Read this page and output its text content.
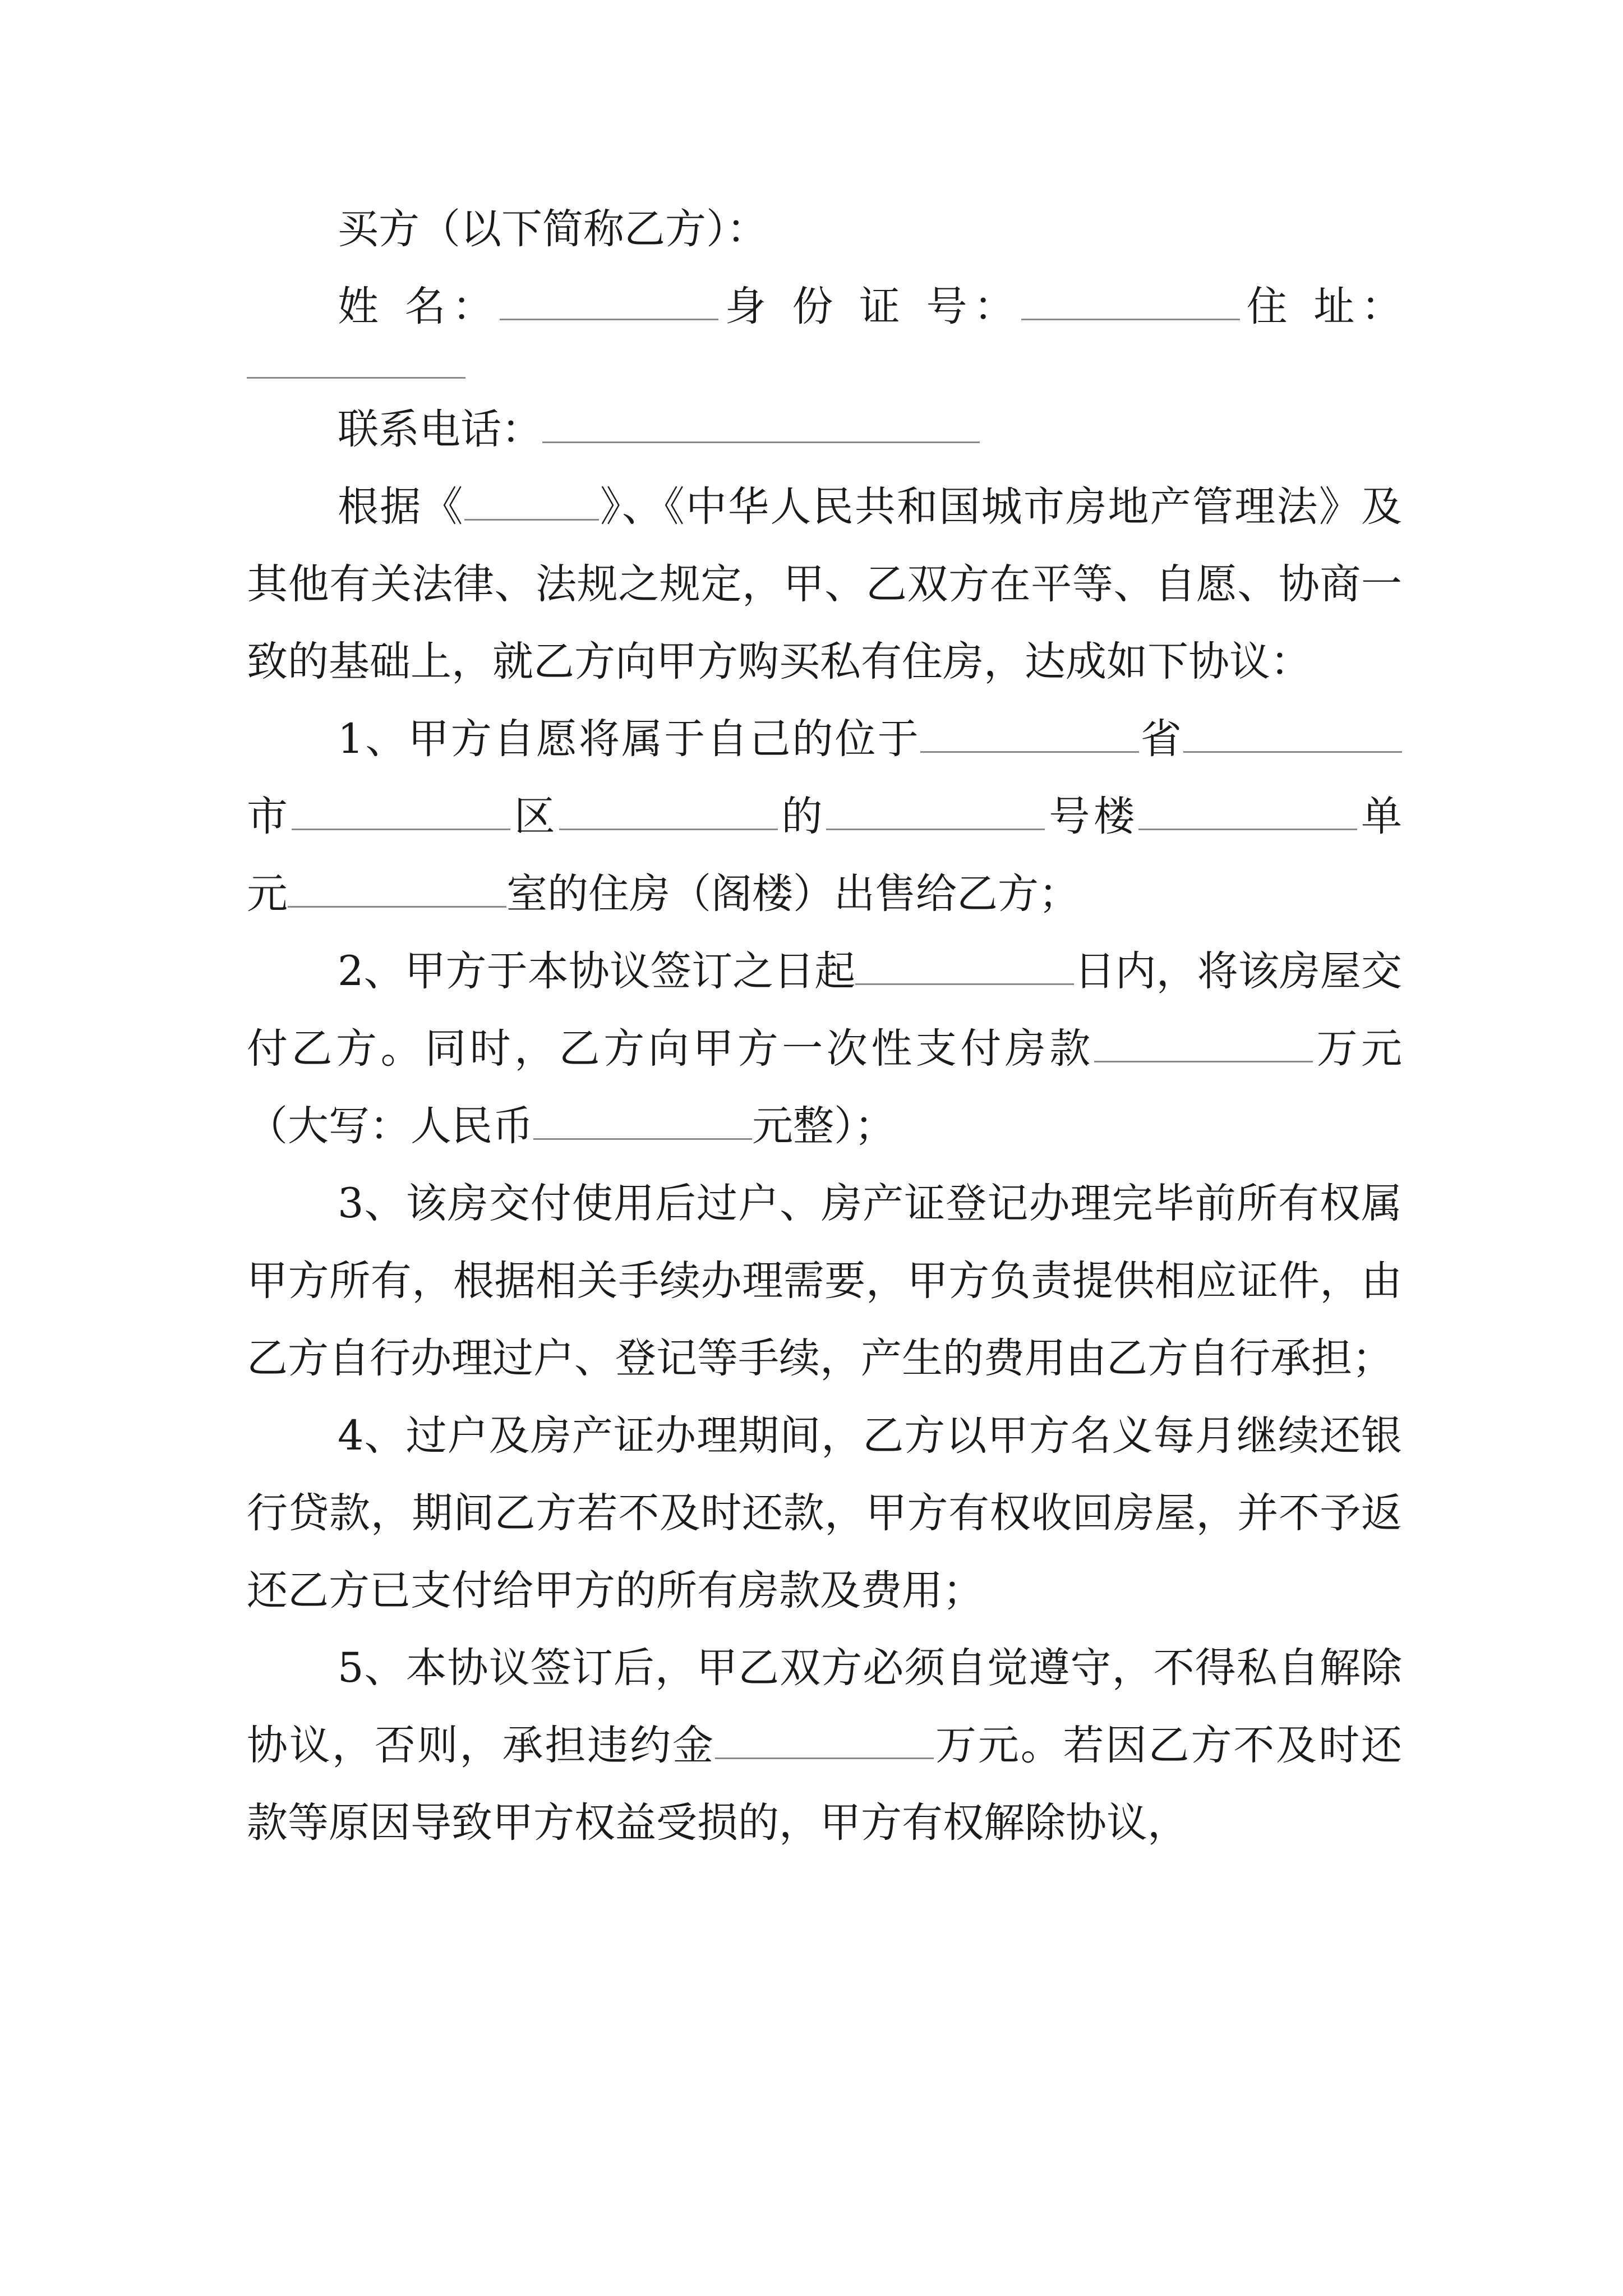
买方（以下简称乙方）：

姓 名：	身 份 证 号：	住 址：

联系电话：

根据《	》、《中华人民共和国城市房地产管理法》及其他有关法律、法规之规定，甲、乙双方在平等、自愿、协商一致的基础上，就乙方向甲方购买私有住房，达成如下协议：

1、甲方自愿将属于自己的位于	省市	区	的	号楼	单元	室的住房（阁楼）出售给乙方；

2、甲方于本协议签订之日起	日内，将该房屋交付乙方。同时，乙方向甲方一次性支付房款	万元（大写：人民币	元整）；

3、该房交付使用后过户、房产证登记办理完毕前所有权属甲方所有，根据相关手续办理需要，甲方负责提供相应证件，由乙方自行办理过户、登记等手续，产生的费用由乙方自行承担；

4、过户及房产证办理期间，乙方以甲方名义每月继续还银行贷款，期间乙方若不及时还款，甲方有权收回房屋，并不予返还乙方已支付给甲方的所有房款及费用；

5、本协议签订后，甲乙双方必须自觉遵守，不得私自解除协议，否则，承担违约金	万元。若因乙方不及时还款等原因导致甲方权益受损的，甲方有权解除协议，
